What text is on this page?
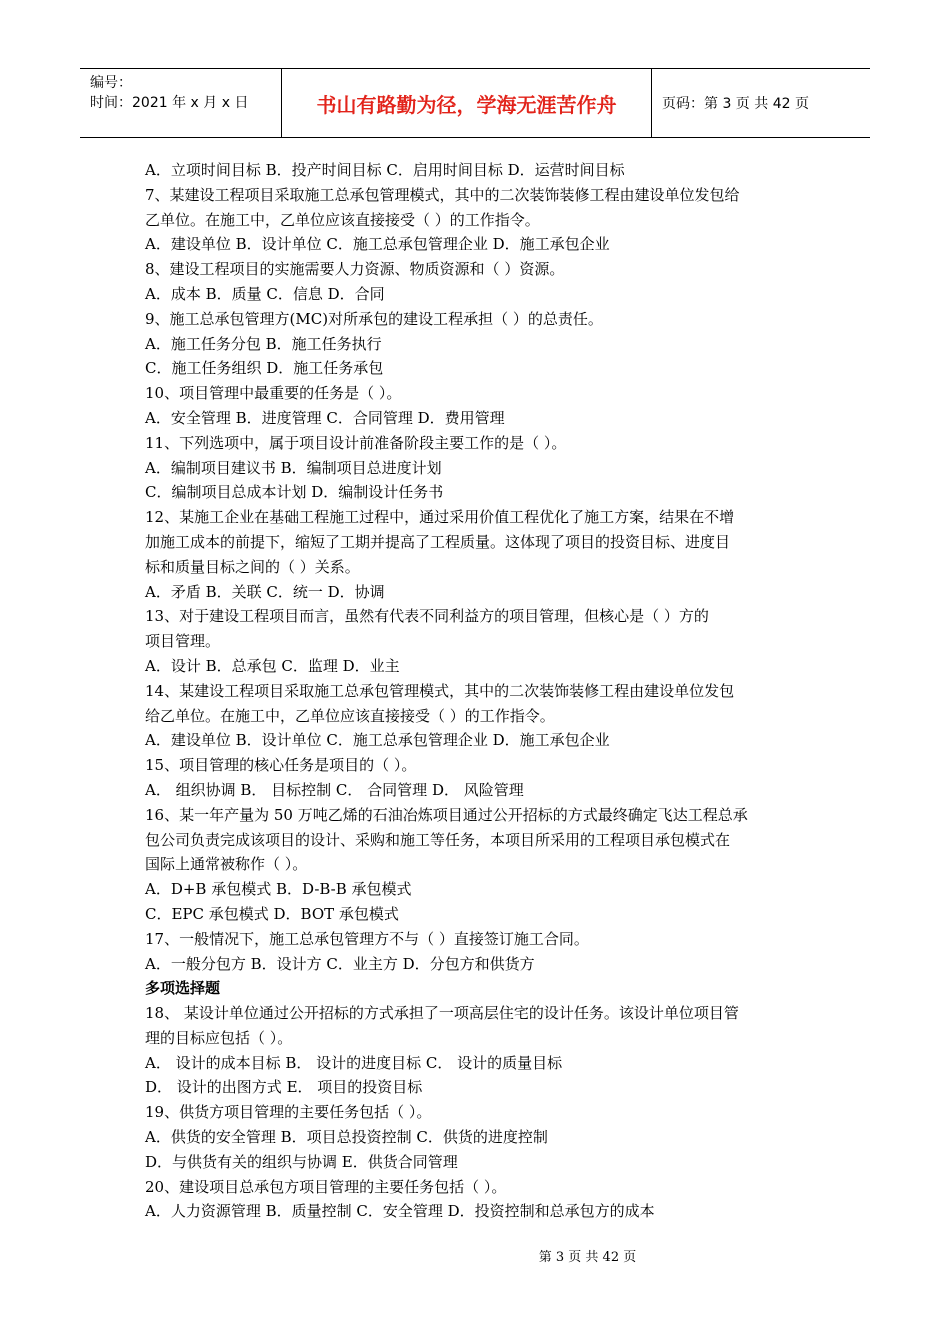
编号：
时间：2021 年 x 月 x 日	书山有路勤为径，学海无涯苦作舟	页码：第 3 页 共 42 页
A．立项时间目标 B．投产时间目标 C．启用时间目标 D．运营时间目标
7、某建设工程项目采取施工总承包管理模式，其中的二次装饰装修工程由建设单位发包给
乙单位。在施工中，乙单位应该直接接受（ ）的工作指令。
A．建设单位 B．设计单位 C．施工总承包管理企业 D．施工承包企业
8、建设工程项目的实施需要人力资源、物质资源和（ ）资源。
A．成本 B．质量 C．信息 D．合同
9、施工总承包管理方(MC)对所承包的建设工程承担（ ）的总责任。
A．施工任务分包 B．施工任务执行
C．施工任务组织 D．施工任务承包
10、项目管理中最重要的任务是（ ）。
A．安全管理 B．进度管理 C．合同管理 D．费用管理
11、下列选项中，属于项目设计前准备阶段主要工作的是（ ）。
A．编制项目建议书 B．编制项目总进度计划
C．编制项目总成本计划 D．编制设计任务书
12、某施工企业在基础工程施工过程中，通过采用价值工程优化了施工方案，结果在不增
加施工成本的前提下，缩短了工期并提高了工程质量。这体现了项目的投资目标、进度目
标和质量目标之间的（ ）关系。
A．矛盾 B．关联 C．统一 D．协调
13、对于建设工程项目而言，虽然有代表不同利益方的项目管理，但核心是（ ）方的
项目管理。
A．设计 B．总承包 C．监理 D．业主
14、某建设工程项目采取施工总承包管理模式，其中的二次装饰装修工程由建设单位发包
给乙单位。在施工中，乙单位应该直接接受（ ）的工作指令。
A．建设单位 B．设计单位 C．施工总承包管理企业 D．施工承包企业
15、项目管理的核心任务是项目的（ ）。
A． 组织协调 B． 目标控制 C． 合同管理 D． 风险管理
16、某一年产量为 50 万吨乙烯的石油冶炼项目通过公开招标的方式最终确定飞达工程总承
包公司负责完成该项目的设计、采购和施工等任务，本项目所采用的工程项目承包模式在
国际上通常被称作（ ）。
A．D+B 承包模式 B．D-B-B 承包模式
C．EPC 承包模式 D．BOT 承包模式
17、一般情况下，施工总承包管理方不与（ ）直接签订施工合同。
A．一般分包方 B．设计方 C．业主方 D．分包方和供货方
多项选择题
18、 某设计单位通过公开招标的方式承担了一项高层住宅的设计任务。该设计单位项目管
理的目标应包括（ ）。
A． 设计的成本目标 B． 设计的进度目标 C． 设计的质量目标
D． 设计的出图方式 E． 项目的投资目标
19、供货方项目管理的主要任务包括（ ）。
A．供货的安全管理 B．项目总投资控制 C．供货的进度控制
D．与供货有关的组织与协调 E．供货合同管理
20、建设项目总承包方项目管理的主要任务包括（ ）。
A．人力资源管理 B．质量控制 C．安全管理 D．投资控制和总承包方的成本
第 3 页 共 42 页
